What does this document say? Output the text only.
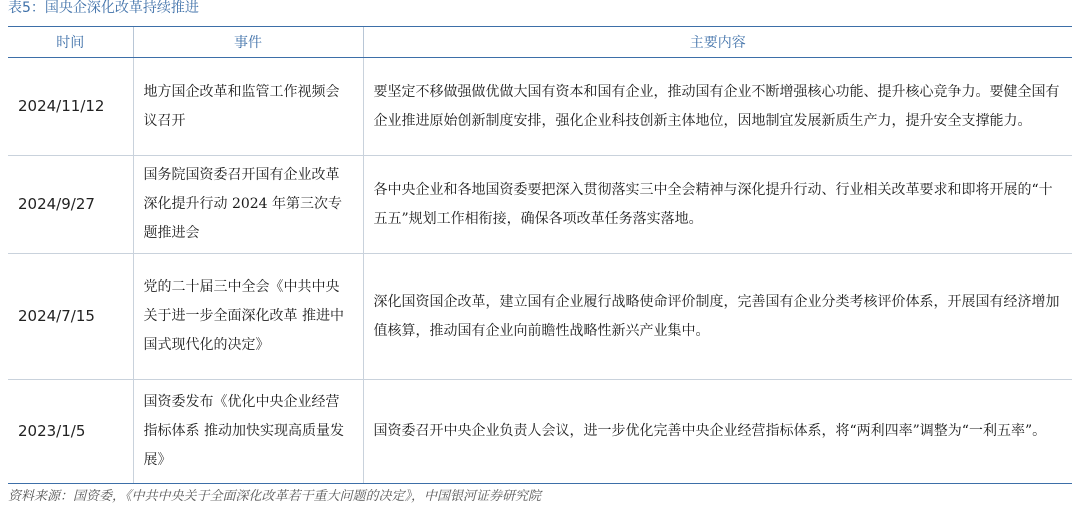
表5：国央企深化改革持续推进
时间	事件	主要内容
2024/11/12	地方国企改革和监管工作视频会议召开	要坚定不移做强做优做大国有资本和国有企业，推动国有企业不断增强核心功能、提升核心竞争力。要健全国有企业推进原始创新制度安排，强化企业科技创新主体地位，因地制宜发展新质生产力，提升安全支撑能力。
2024/9/27	国务院国资委召开国有企业改革深化提升行动 2024 年第三次专题推进会	各中央企业和各地国资委要把深入贯彻落实三中全会精神与深化提升行动、行业相关改革要求和即将开展的“十五五”规划工作相衔接，确保各项改革任务落实落地。
2024/7/15	党的二十届三中全会《中共中央关于进一步全面深化改革 推进中国式现代化的决定》	深化国资国企改革，建立国有企业履行战略使命评价制度，完善国有企业分类考核评价体系，开展国有经济增加值核算，推动国有企业向前瞻性战略性新兴产业集中。
2023/1/5	国资委发布《优化中央企业经营指标体系 推动加快实现高质量发展》	国资委召开中央企业负责人会议，进一步优化完善中央企业经营指标体系，将“两利四率”调整为“一利五率”。
资料来源：国资委，《中共中央关于全面深化改革若干重大问题的决定》，中国银河证券研究院
